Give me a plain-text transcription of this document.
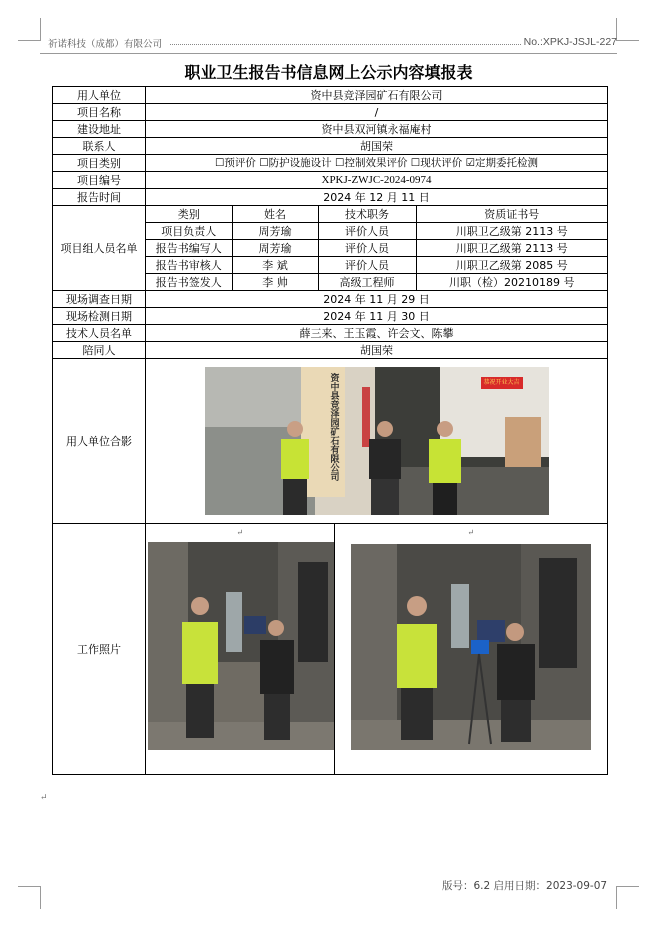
祈诺科技（成都）有限公司	No.:XPKJ-JSJL-227
职业卫生报告书信息网上公示内容填报表
用人单位	资中县竞泽园矿石有限公司
项目名称	/
建设地址	资中县双河镇永福庵村
联系人	胡国荣
项目类别	☐预评价 ☐防护设施设计 ☐控制效果评价 ☐现状评价 ☑定期委托检测
项目编号	XPKJ-ZWJC-2024-0974
报告时间	2024 年 12 月 11 日
项目组人员名单	
类别	姓名	技术职务	资质证书号
项目负责人	周芳瑜	评价人员	川职卫乙级第 2113 号
报告书编写人	周芳瑜	评价人员	川职卫乙级第 2113 号
报告书审核人	李 斌	评价人员	川职卫乙级第 2085 号
报告书签发人	李 帅	高级工程师	川职（检）20210189 号

现场调查日期	2024 年 11 月 29 日
现场检测日期	2024 年 11 月 30 日
技术人员名单	薛三来、王玉霞、许会文、陈攀
陪同人	胡国荣
用人单位合影	资中县竞泽园矿石有限公司	恭祝开业大吉

工作照片	
↵	↵
↵
版号：6.2 启用日期：2023-09-07
